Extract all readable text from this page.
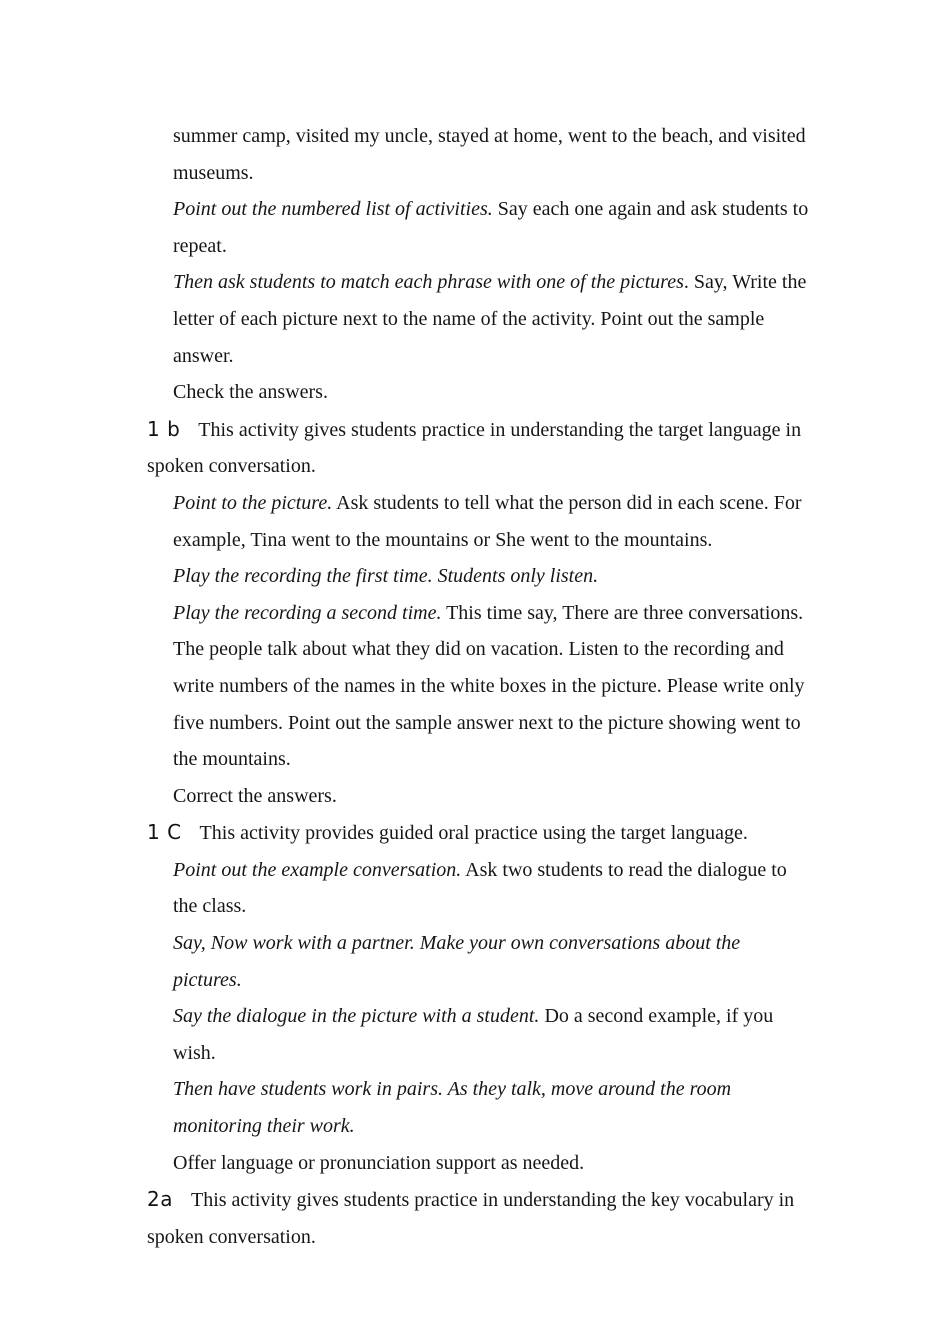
summer camp, visited my uncle, stayed at home, went to the beach, and visited museums.

Point out the numbered list of activities. Say each one again and ask students to repeat.

Then ask students to match each phrase with one of the pictures. Say, Write the letter of each picture next to the name of the activity. Point out the sample answer.

Check the answers.

1 b This activity gives students practice in understanding the target language in spoken conversation.

Point to the picture. Ask students to tell what the person did in each scene. For example, Tina went to the mountains or She went to the mountains.

Play the recording the first time. Students only listen.

Play the recording a second time. This time say, There are three conversations. The people talk about what they did on vacation. Listen to the recording and write numbers of the names in the white boxes in the picture. Please write only five numbers. Point out the sample answer next to the picture showing went to the mountains.

Correct the answers.

1 C This activity provides guided oral practice using the target language.

Point out the example conversation. Ask two students to read the dialogue to the class.

Say, Now work with a partner. Make your own conversations about the pictures.

Say the dialogue in the picture with a student. Do a second example, if you wish.

Then have students work in pairs. As they talk, move around the room monitoring their work.

Offer language or pronunciation support as needed.

2a This activity gives students practice in understanding the key vocabulary in spoken conversation.
